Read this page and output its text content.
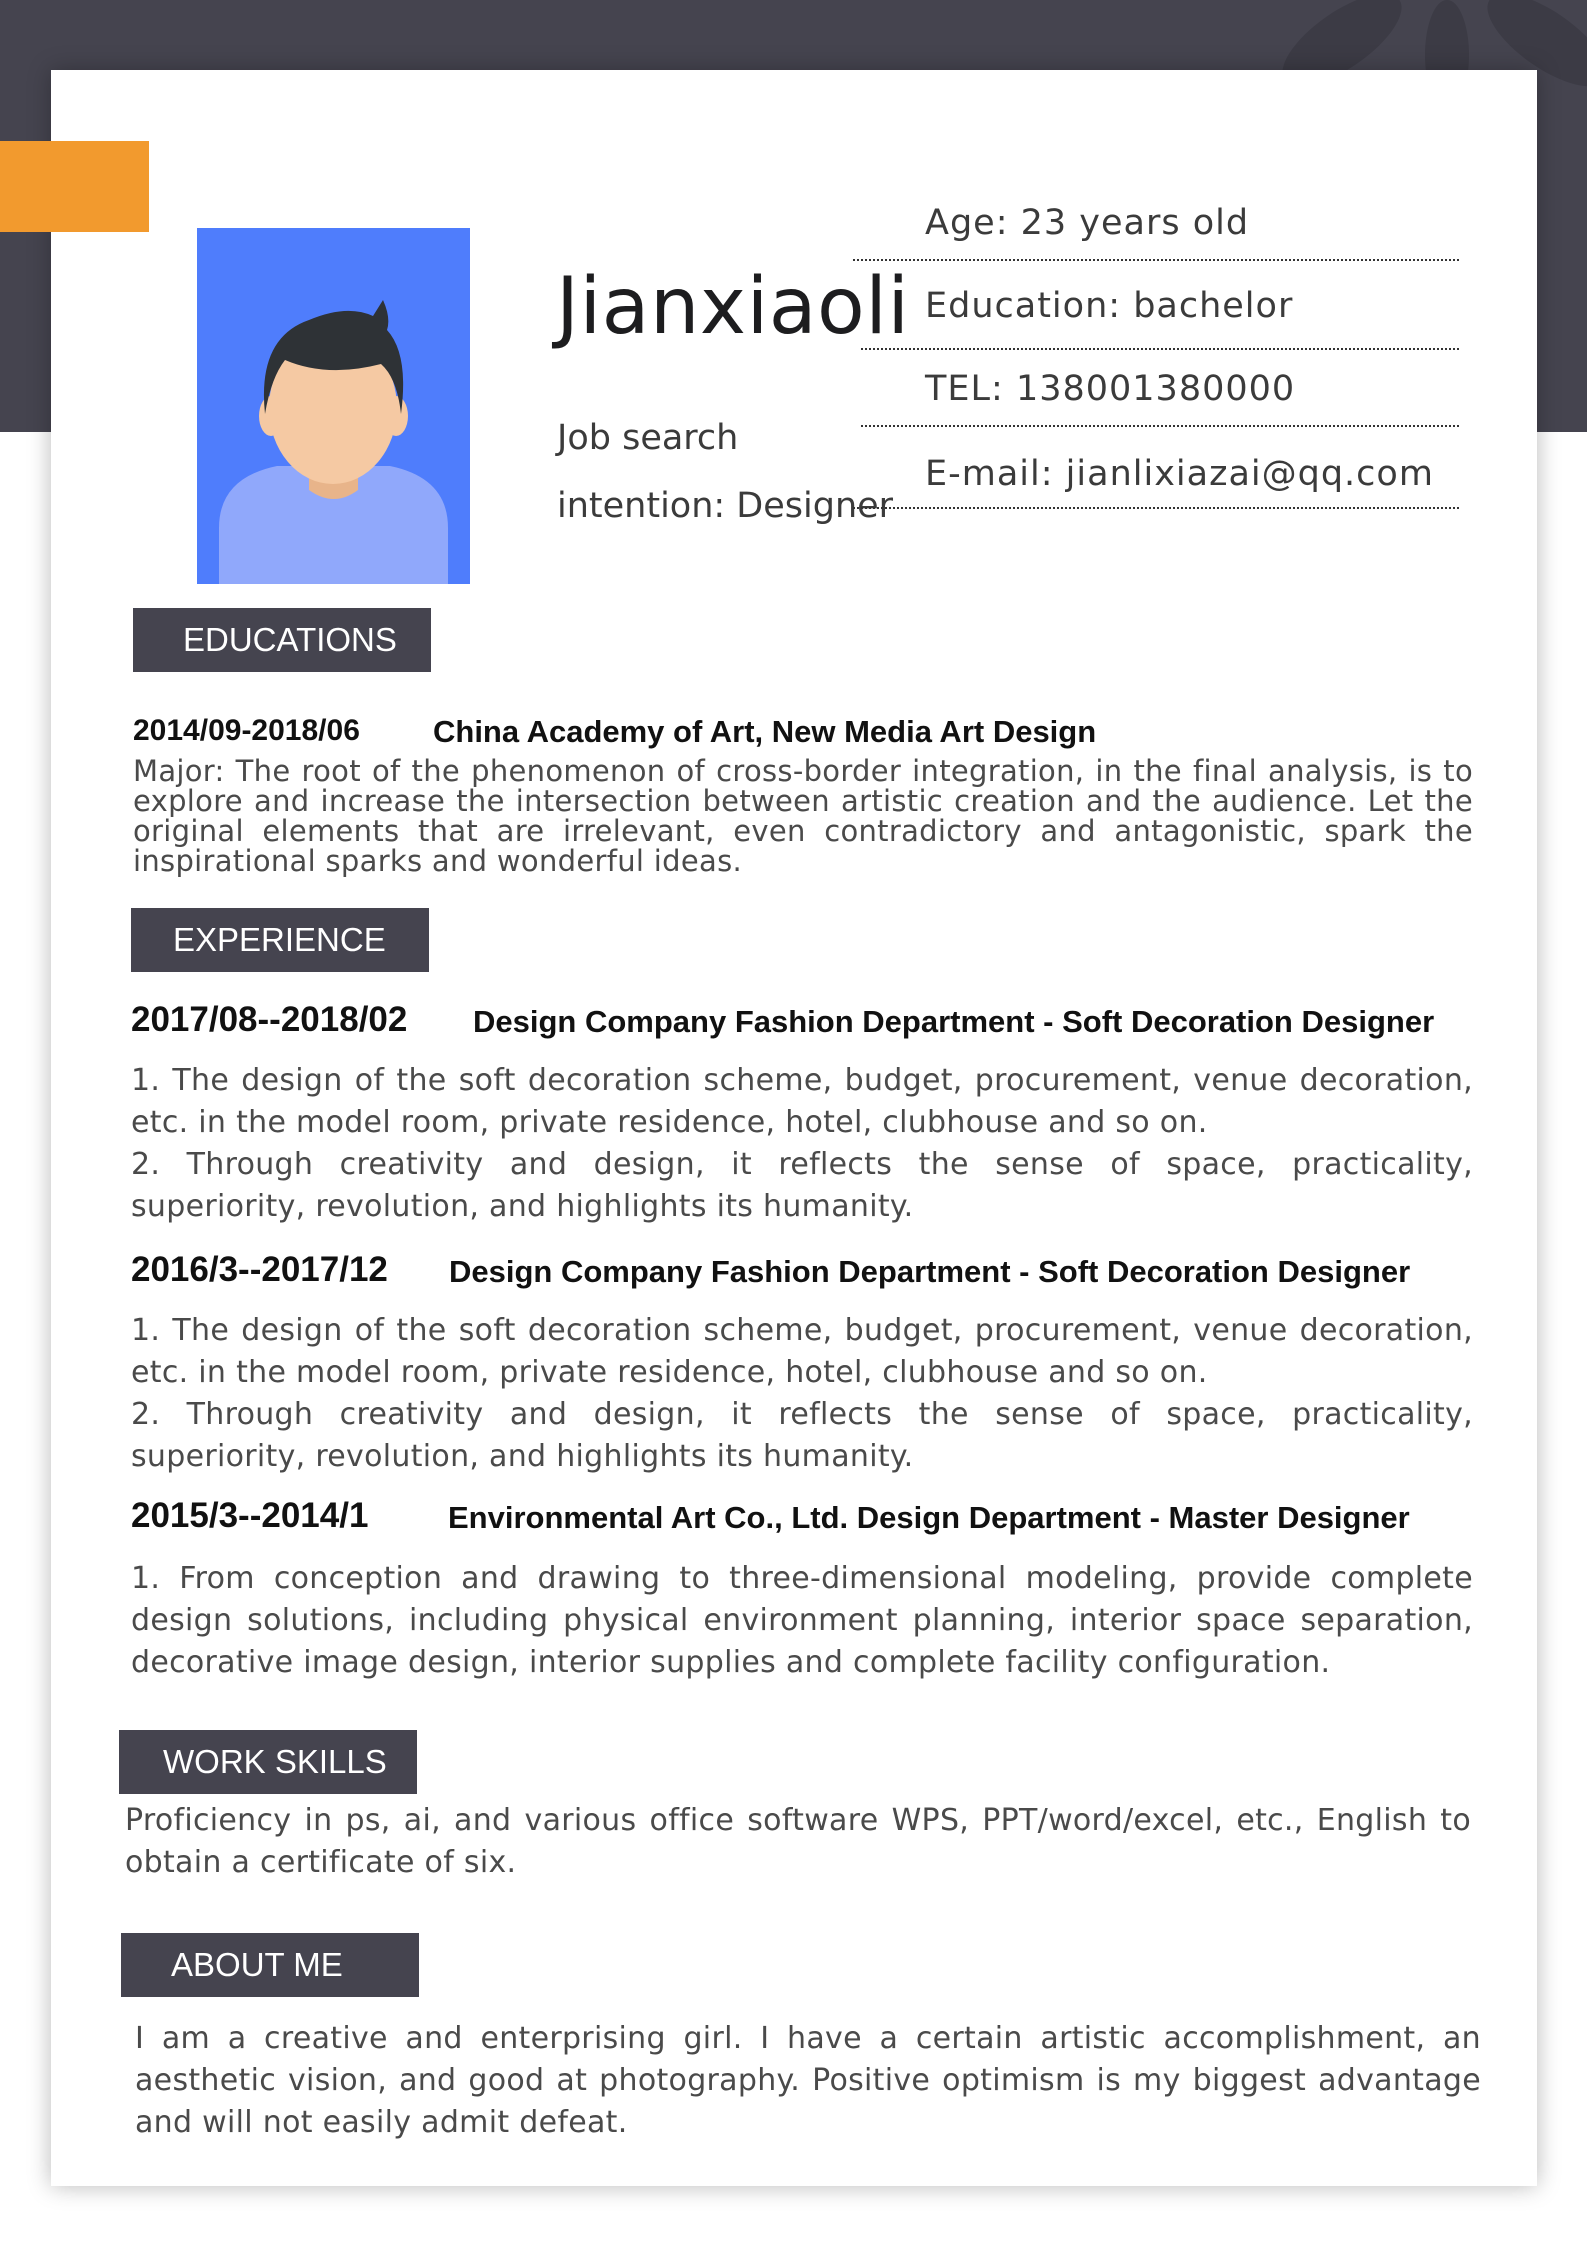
Jianxiaoli
Job search intention: Designer
Age: 23 years old
Education: bachelor
TEL: 138001380000
E-mail: jianlixiazai@qq.com
EDUCATIONS
2014/09-2018/06 China Academy of Art, New Media Art Design
Major: The root of the phenomenon of cross-border integration, in the final analysis, is to explore and increase the intersection between artistic creation and the audience. Let the original elements that are irrelevant, even contradictory and antagonistic, spark the inspirational sparks and wonderful ideas.
EXPERIENCE
2017/08--2018/02 Design Company Fashion Department - Soft Decoration Designer
1. The design of the soft decoration scheme, budget, procurement, venue decoration, etc. in the model room, private residence, hotel, clubhouse and so on.
2. Through creativity and design, it reflects the sense of space, practicality, superiority, revolution, and highlights its humanity.
2016/3--2017/12 Design Company Fashion Department - Soft Decoration Designer
1. The design of the soft decoration scheme, budget, procurement, venue decoration, etc. in the model room, private residence, hotel, clubhouse and so on.
2. Through creativity and design, it reflects the sense of space, practicality, superiority, revolution, and highlights its humanity.
2015/3--2014/1	Environmental Art Co., Ltd. Design Department - Master Designer
1. From conception and drawing to three-dimensional modeling, provide complete design solutions, including physical environment planning, interior space separation, decorative image design, interior supplies and complete facility configuration.
WORK SKILLS
Proficiency in ps, ai, and various office software WPS, PPT/word/excel, etc., English to obtain a certificate of six.
ABOUT ME
I am a creative and enterprising girl. I have a certain artistic accomplishment, an aesthetic vision, and good at photography. Positive optimism is my biggest advantage and will not easily admit defeat.
